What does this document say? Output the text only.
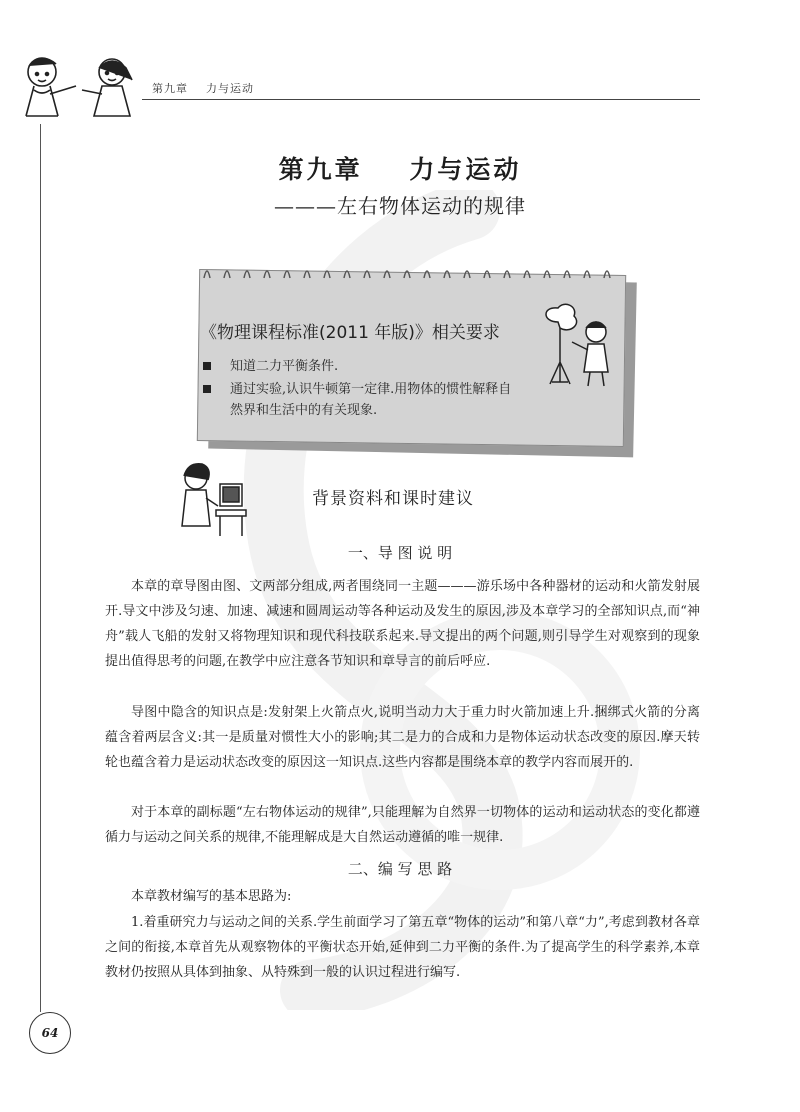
第九章    力与运动
第九章    力与运动
———左右物体运动的规律
《物理课程标准(2011 年版)》相关要求
知道二力平衡条件.
通过实验,认识牛顿第一定律.用物体的惯性解释自然界和生活中的有关现象.
背景资料和课时建议
一、导 图 说 明

本章的章导图由图、文两部分组成,两者围绕同一主题———游乐场中各种器材的运动和火箭发射展开.导文中涉及匀速、加速、减速和圆周运动等各种运动及发生的原因,涉及本章学习的全部知识点,而“神舟”载人飞船的发射又将物理知识和现代科技联系起来.导文提出的两个问题,则引导学生对观察到的现象提出值得思考的问题,在教学中应注意各节知识和章导言的前后呼应.

导图中隐含的知识点是:发射架上火箭点火,说明当动力大于重力时火箭加速上升.捆绑式火箭的分离蕴含着两层含义:其一是质量对惯性大小的影响;其二是力的合成和力是物体运动状态改变的原因.摩天转轮也蕴含着力是运动状态改变的原因这一知识点.这些内容都是围绕本章的教学内容而展开的.

对于本章的副标题“左右物体运动的规律”,只能理解为自然界一切物体的运动和运动状态的变化都遵循力与运动之间关系的规律,不能理解成是大自然运动遵循的唯一规律.

二、编 写 思 路

本章教材编写的基本思路为:

1.着重研究力与运动之间的关系.学生前面学习了第五章“物体的运动”和第八章“力”,考虑到教材各章之间的衔接,本章首先从观察物体的平衡状态开始,延伸到二力平衡的条件.为了提高学生的科学素养,本章教材仍按照从具体到抽象、从特殊到一般的认识过程进行编写.

64
